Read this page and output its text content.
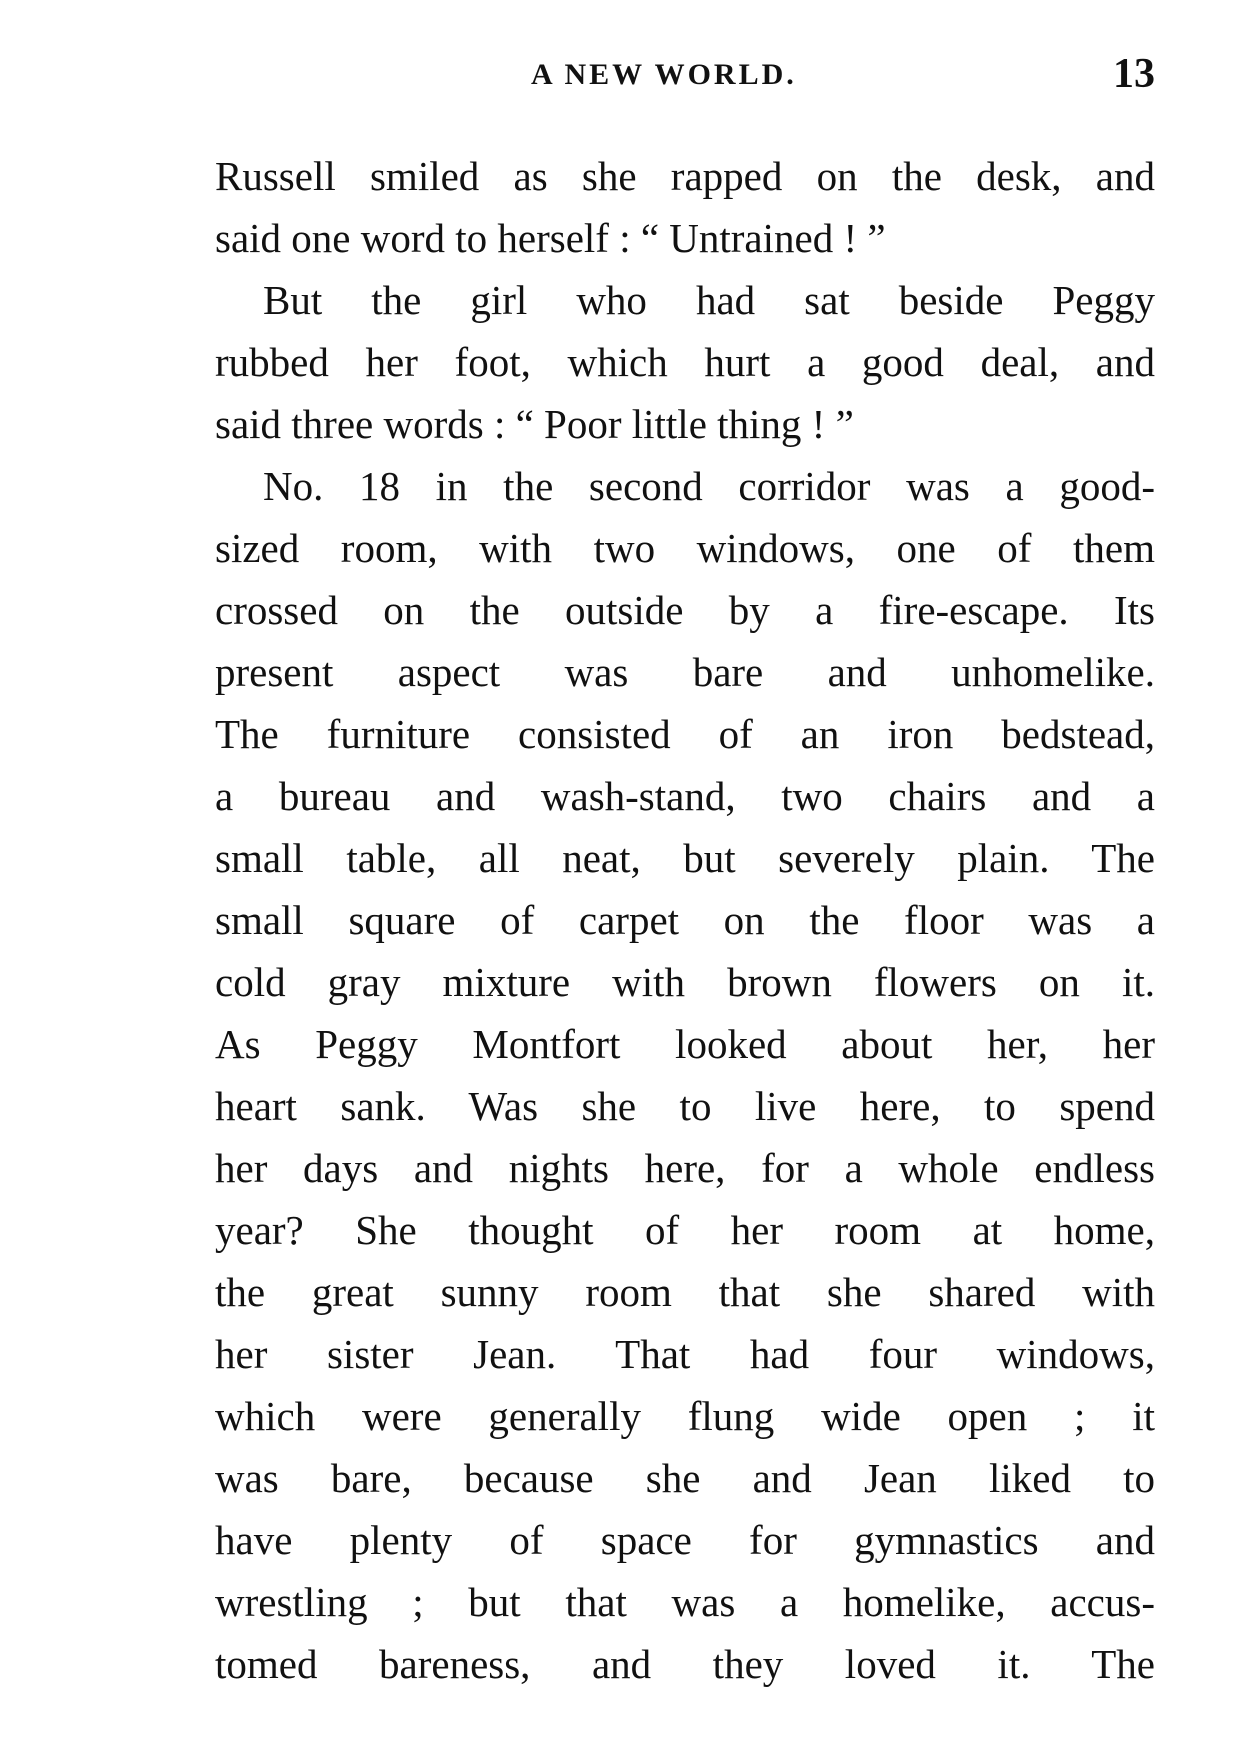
A NEW WORLD.	13
Russell smiled as she rapped on the desk, and
said one word to herself : “ Untrained ! ”
But the girl who had sat beside Peggy
rubbed her foot, which hurt a good deal, and
said three words : “ Poor little thing ! ”
No. 18 in the second corridor was a good-
sized room, with two windows, one of them
crossed on the outside by a fire-escape. Its
present aspect was bare and unhomelike.
The furniture consisted of an iron bedstead,
a bureau and wash-stand, two chairs and a
small table, all neat, but severely plain. The
small square of carpet on the floor was a
cold gray mixture with brown flowers on it.
As Peggy Montfort looked about her, her
heart sank. Was she to live here, to spend
her days and nights here, for a whole endless
year? She thought of her room at home,
the great sunny room that she shared with
her sister Jean. That had four windows,
which were generally flung wide open ; it
was bare, because she and Jean liked to
have plenty of space for gymnastics and
wrestling ; but that was a homelike, accus-
tomed bareness, and they loved it. The
